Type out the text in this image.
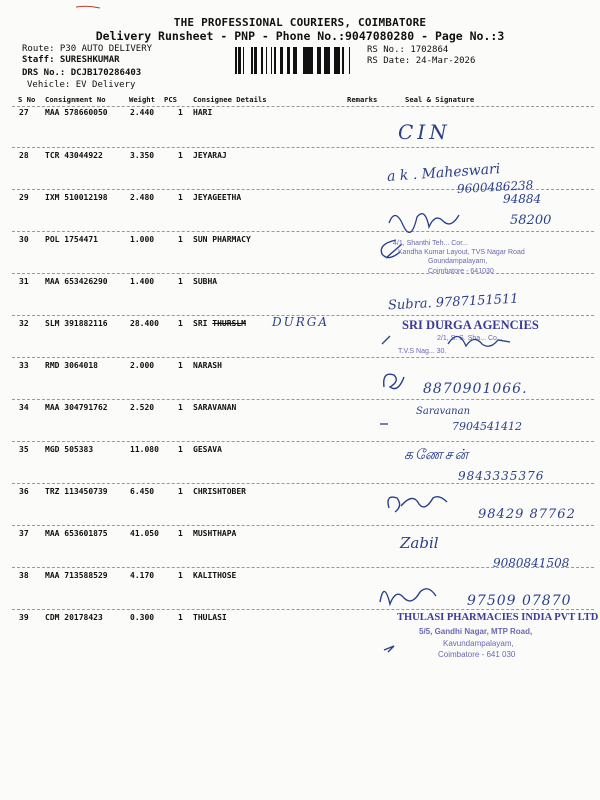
THE PROFESSIONAL COURIERS, COIMBATORE
Delivery Runsheet - PNP - Phone No.:9047080280 - Page No.:3
Route: P30 AUTO DELIVERY
Staff: SURESHKUMAR
DRS No.: DCJB170286403
Vehicle: EV Delivery
RS No.: 1702864
RS Date: 24-Mar-2026
S No Consignment No	Weight PCS Consignee Details	Remarks	Seal & Signature
27 MAA 578660050	2.440	1 HARI
28 TCR 43044922	3.350	1 JEYARAJ
29 IXM 510012198	2.480	1 JEYAGEETHA
30 POL 1754471	1.000	1 SUN PHARMACY
31 MAA 653426290	1.400	1 SUBHA
32 SLM 391882116	28.400 1 SRI THURSLM DURGA
33 RMD 3064018	2.000	1 NARASH
34 MAA 304791762	2.520	1 SARAVANAN
35 MGD 505383	11.080 1 GESAVA
36 TRZ 113450739	6.450	1 CHRISHTOBER
37 MAA 653601875	41.050 1 MUSHTHAPA
38 MAA 713588529	4.170	1 KALITHOSE
39 CDM 20178423	0.300	1 THULASI
CIN
a k . Maheswari
9600486238
94884
58200
4/1, Shanthi Teh... Cor...
Kandha Kumar Layout, TVS Nagar Road
Goundampalayam,
Coimbatore - 641030
Subra. 9787151511
SRI DURGA AGENCIES
2/1, S. S. Sha... Co...
T.V.S Nag... 30.
8870901066.
Saravanan
7904541412
கணேசன்
9843335376
98429 87762
Zabil
9080841508
97509 07870
THULASI PHARMACIES INDIA PVT LTD
5/5, Gandhi Nagar, MTP Road,
Kavundampalayam,
Coimbatore - 641 030
